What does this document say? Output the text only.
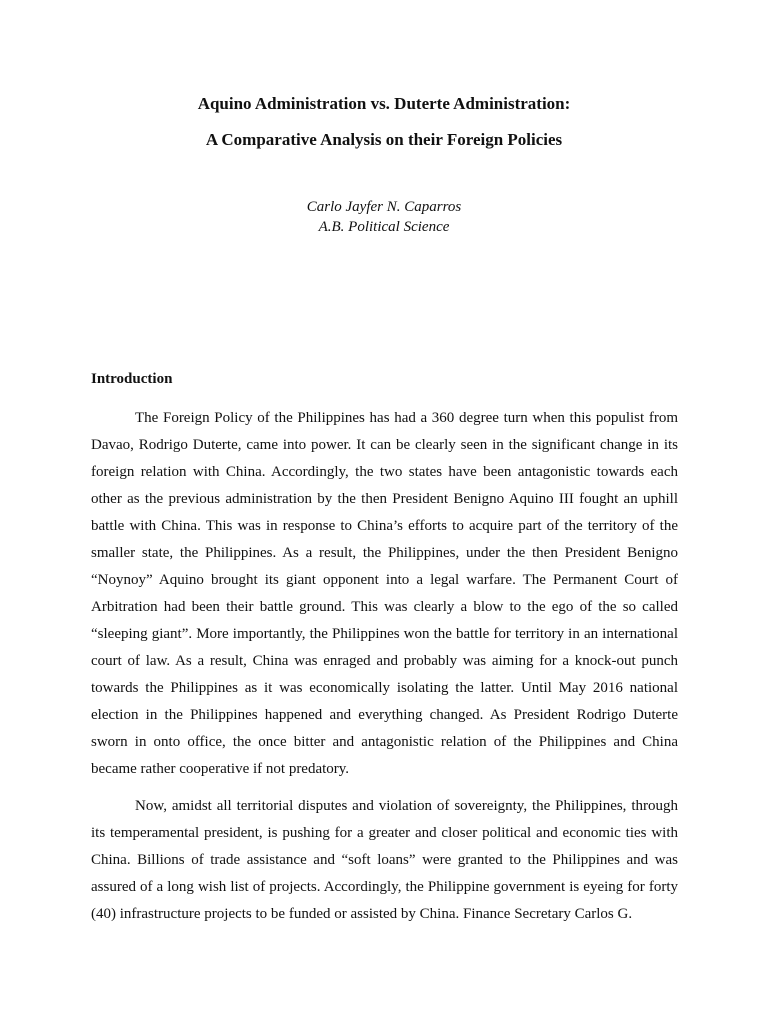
Aquino Administration vs. Duterte Administration:
A Comparative Analysis on their Foreign Policies
Carlo Jayfer N. Caparros
A.B. Political Science
Introduction

The Foreign Policy of the Philippines has had a 360 degree turn when this populist from Davao, Rodrigo Duterte, came into power. It can be clearly seen in the significant change in its foreign relation with China. Accordingly, the two states have been antagonistic towards each other as the previous administration by the then President Benigno Aquino III fought an uphill battle with China. This was in response to China’s efforts to acquire part of the territory of the smaller state, the Philippines. As a result, the Philippines, under the then President Benigno “Noynoy” Aquino brought its giant opponent into a legal warfare. The Permanent Court of Arbitration had been their battle ground. This was clearly a blow to the ego of the so called “sleeping giant”. More importantly, the Philippines won the battle for territory in an international court of law. As a result, China was enraged and probably was aiming for a knock-out punch towards the Philippines as it was economically isolating the latter. Until May 2016 national election in the Philippines happened and everything changed. As President Rodrigo Duterte sworn in onto office, the once bitter and antagonistic relation of the Philippines and China became rather cooperative if not predatory.

Now, amidst all territorial disputes and violation of sovereignty, the Philippines, through its temperamental president, is pushing for a greater and closer political and economic ties with China. Billions of trade assistance and “soft loans” were granted to the Philippines and was assured of a long wish list of projects. Accordingly, the Philippine government is eyeing for forty (40) infrastructure projects to be funded or assisted by China. Finance Secretary Carlos G.
